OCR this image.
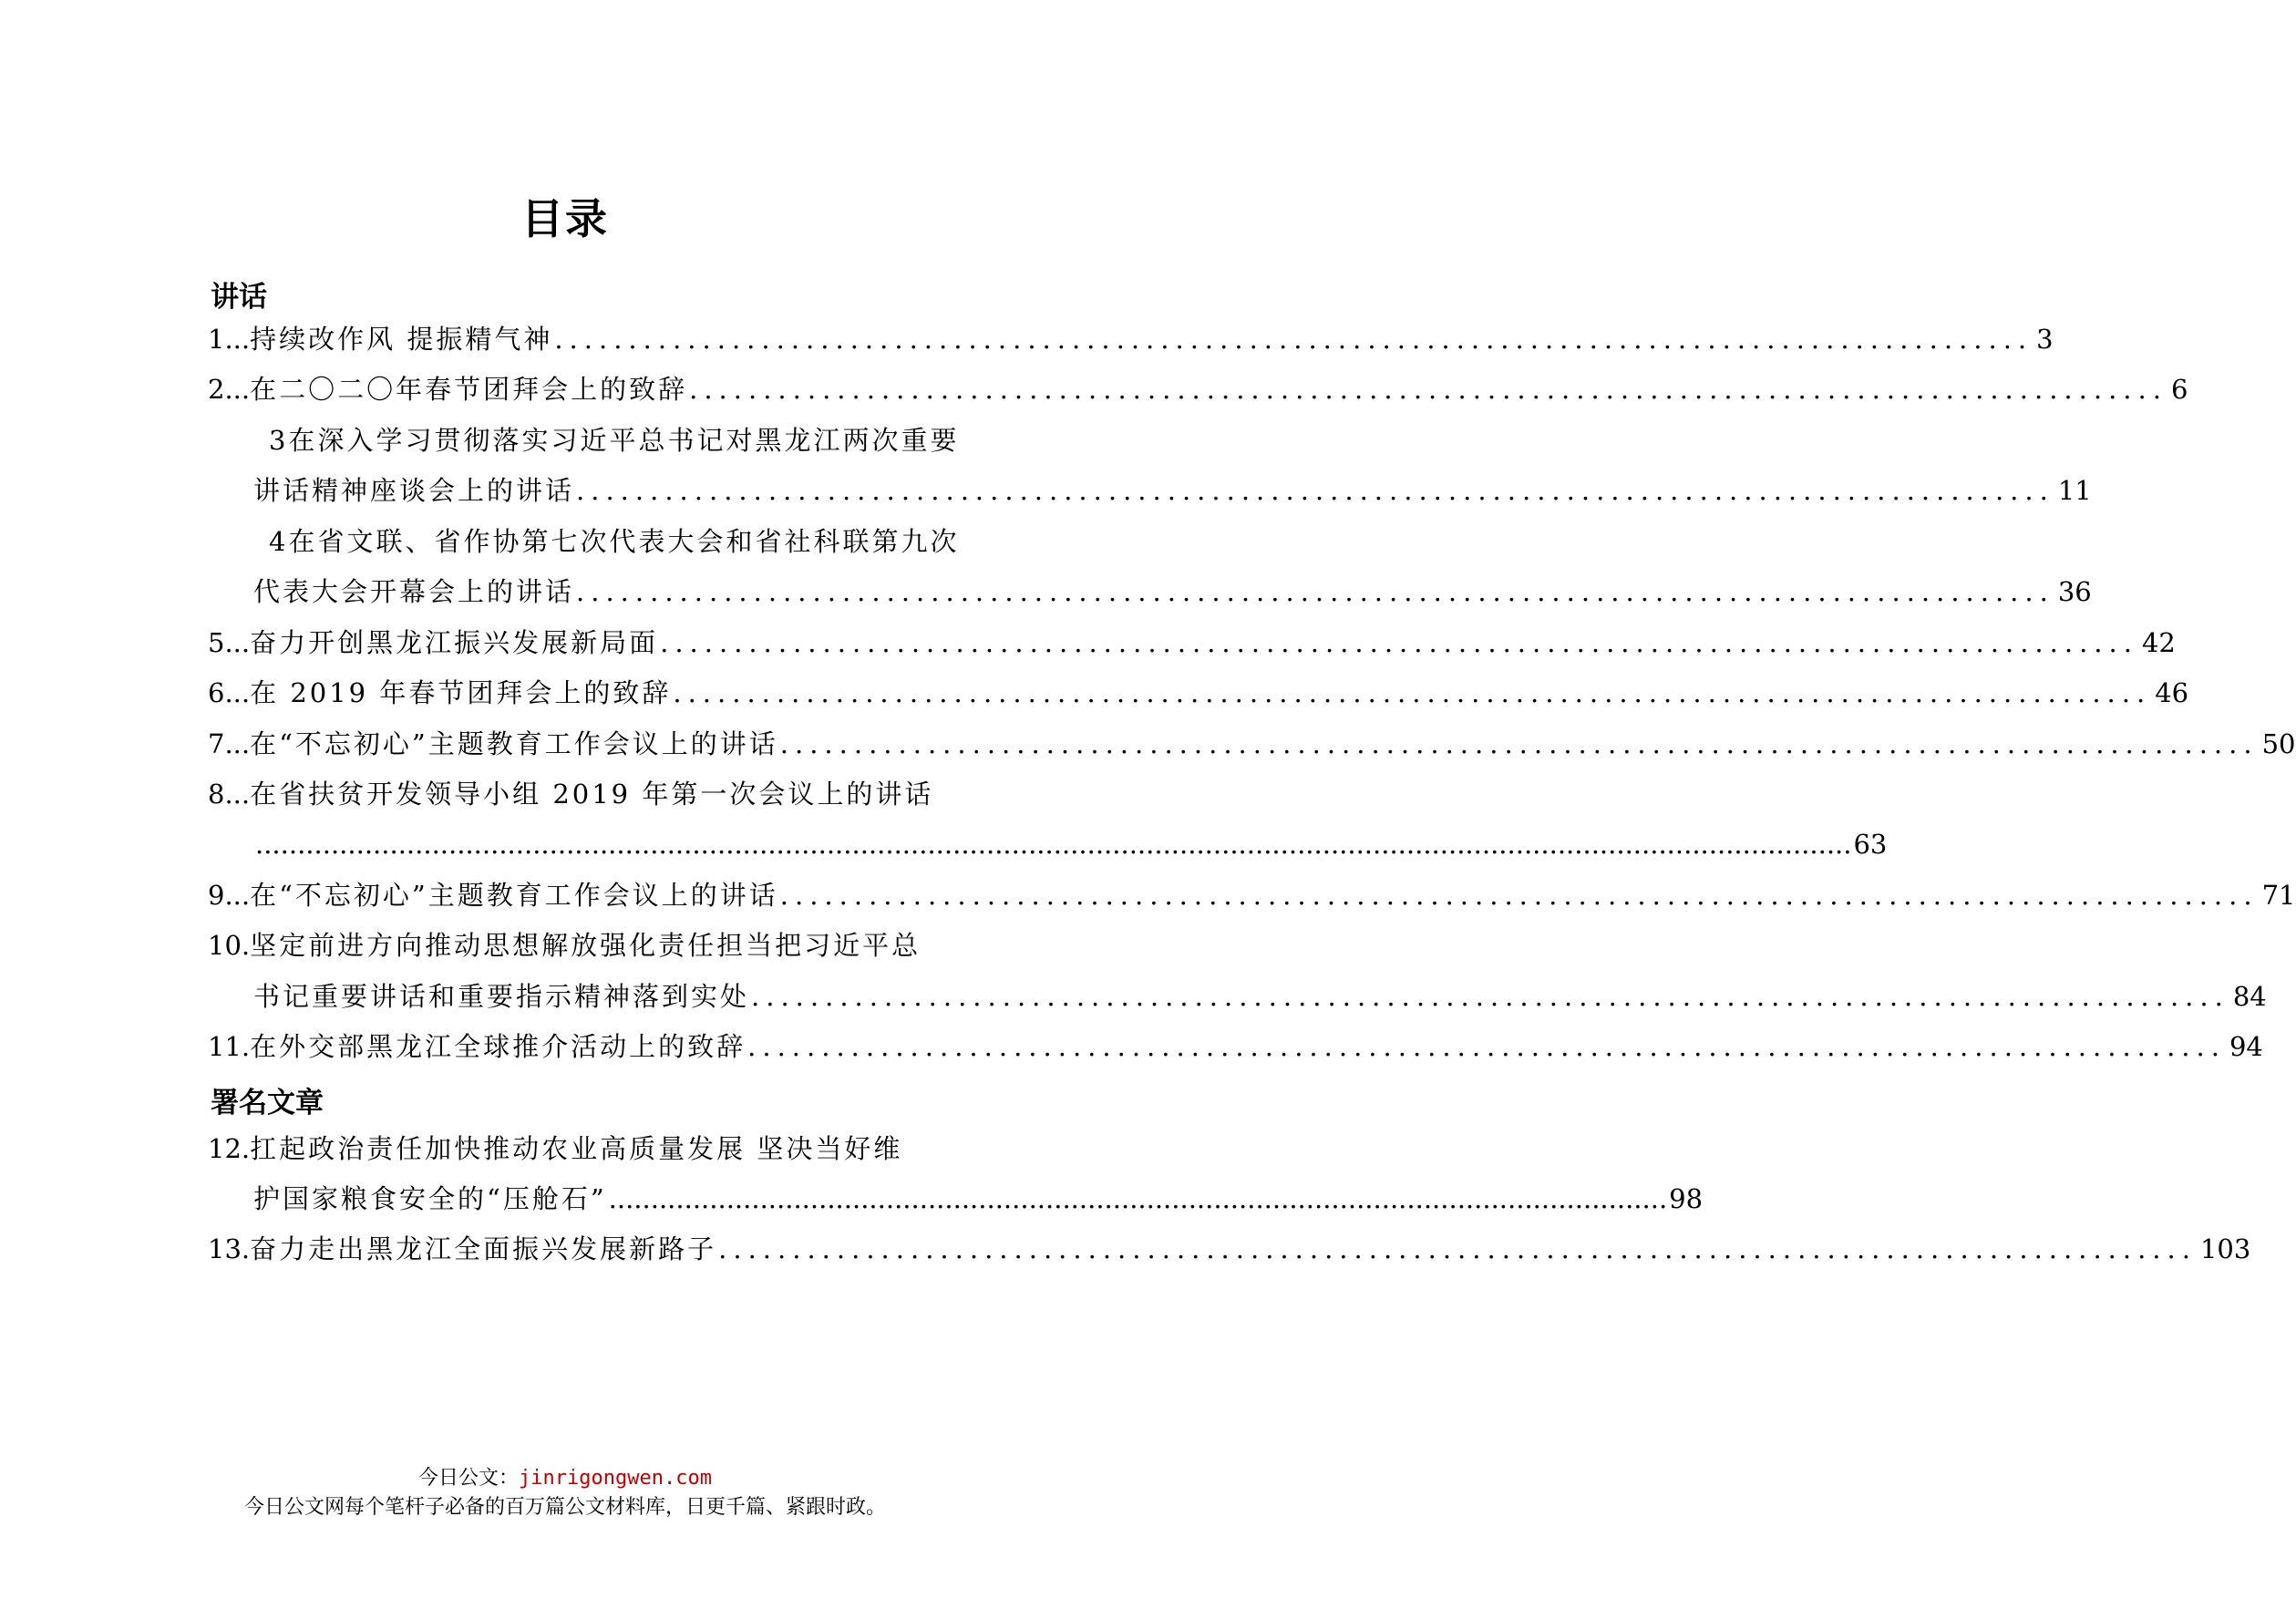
目录
讲话
1... 持续改作风 提振精气神 .................................................................................................... 3
2... 在二〇二〇年春节团拜会上的致辞 .................................................................................................... 6
3在深入学习贯彻落实习近平总书记对黑龙江两次重要
讲话精神座谈会上的讲话 .................................................................................................... 11
4在省文联、省作协第七次代表大会和省社科联第九次
代表大会开幕会上的讲话 .................................................................................................... 36
5... 奋力开创黑龙江振兴发展新局面 .................................................................................................... 42
6... 在 2019 年春节团拜会上的致辞 .................................................................................................... 46
7... 在“不忘初心”主题教育工作会议上的讲话 .................................................................................................... 50
8... 在省扶贫开发领导小组 2019 年第一次会议上的讲话
.............................................................................................................................................................................................. 63
9... 在“不忘初心”主题教育工作会议上的讲话 .................................................................................................... 71
10. 坚定前进方向推动思想解放强化责任担当把习近平总
书记重要讲话和重要指示精神落到实处 .................................................................................................... 84
11. 在外交部黑龙江全球推介活动上的致辞 .................................................................................................... 94
署名文章
12. 扛起政治责任加快推动农业高质量发展 坚决当好维
护国家粮食安全的“压舱石” .............................................................................................................................. 98
13. 奋力走出黑龙江全面振兴发展新路子 .................................................................................................... 103
今日公文：jinrigongwen.com
今日公文网每个笔杆子必备的百万篇公文材料库，日更千篇、紧跟时政。
